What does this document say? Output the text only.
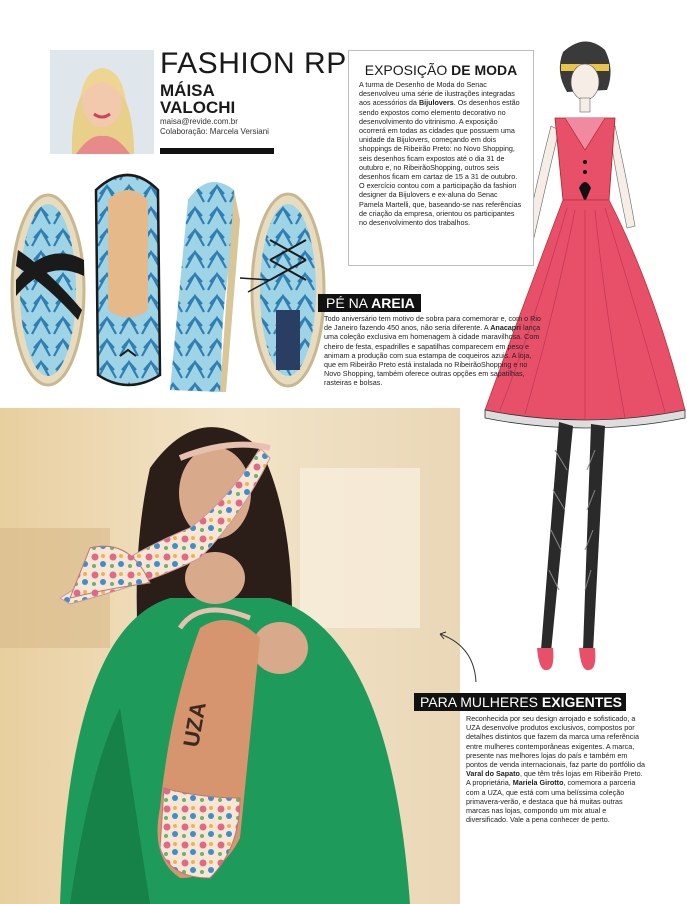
FASHION RP
MÁISA VALOCHI
maisa@revide.com.br
Colaboração: Marcela Versiani
EXPOSIÇÃO DE MODA
A turma de Desenho de Moda do Senac desenvolveu uma série de ilustrações integradas aos acessórios da Bijulovers. Os desenhos estão sendo expostos como elemento decorativo no desenvolvimento do vitrinismo. A exposição ocorrerá em todas as cidades que possuem uma unidade da Bijulovers, começando em dois shoppings de Ribeirão Preto: no Novo Shopping, seis desenhos ficam expostos até o dia 31 de outubro e, no RibeirãoShopping, outros seis desenhos ficam em cartaz de 15 a 31 de outubro. O exercício contou com a participação da fashion designer da Bijulovers e ex-aluna do Senac Pamela Martelli, que, baseando-se nas referências de criação da empresa, orientou os participantes no desenvolvimento dos trabalhos.
PÉ NA AREIA
Todo aniversário tem motivo de sobra para comemorar e, com o Rio de Janeiro fazendo 450 anos, não seria diferente. A Anacapri lança uma coleção exclusiva em homenagem à cidade maravilhosa. Com cheiro de festa, espadrilles e sapatilhas comparecem em peso e animam a produção com sua estampa de coqueiros azuis. A loja, que em Ribeirão Preto está instalada no RibeirãoShopping e no Novo Shopping, também oferece outras opções em sapatilhas, rasteiras e bolsas.
UZA	PARA MULHERES EXIGENTES
Reconhecida por seu design arrojado e sofisticado, a UZA desenvolve produtos exclusivos, compostos por detalhes distintos que fazem da marca uma referência entre mulheres contemporâneas exigentes. A marca, presente nas melhores lojas do país e também em pontos de venda internacionais, faz parte do portfólio da Varal do Sapato, que têm três lojas em Ribeirão Preto. A proprietária, Mariela Girotto, comemora a parceria com a UZA, que está com uma belíssima coleção primavera-verão, e destaca que há muitas outras marcas nas lojas, compondo um mix atual e diversificado. Vale a pena conhecer de perto.
